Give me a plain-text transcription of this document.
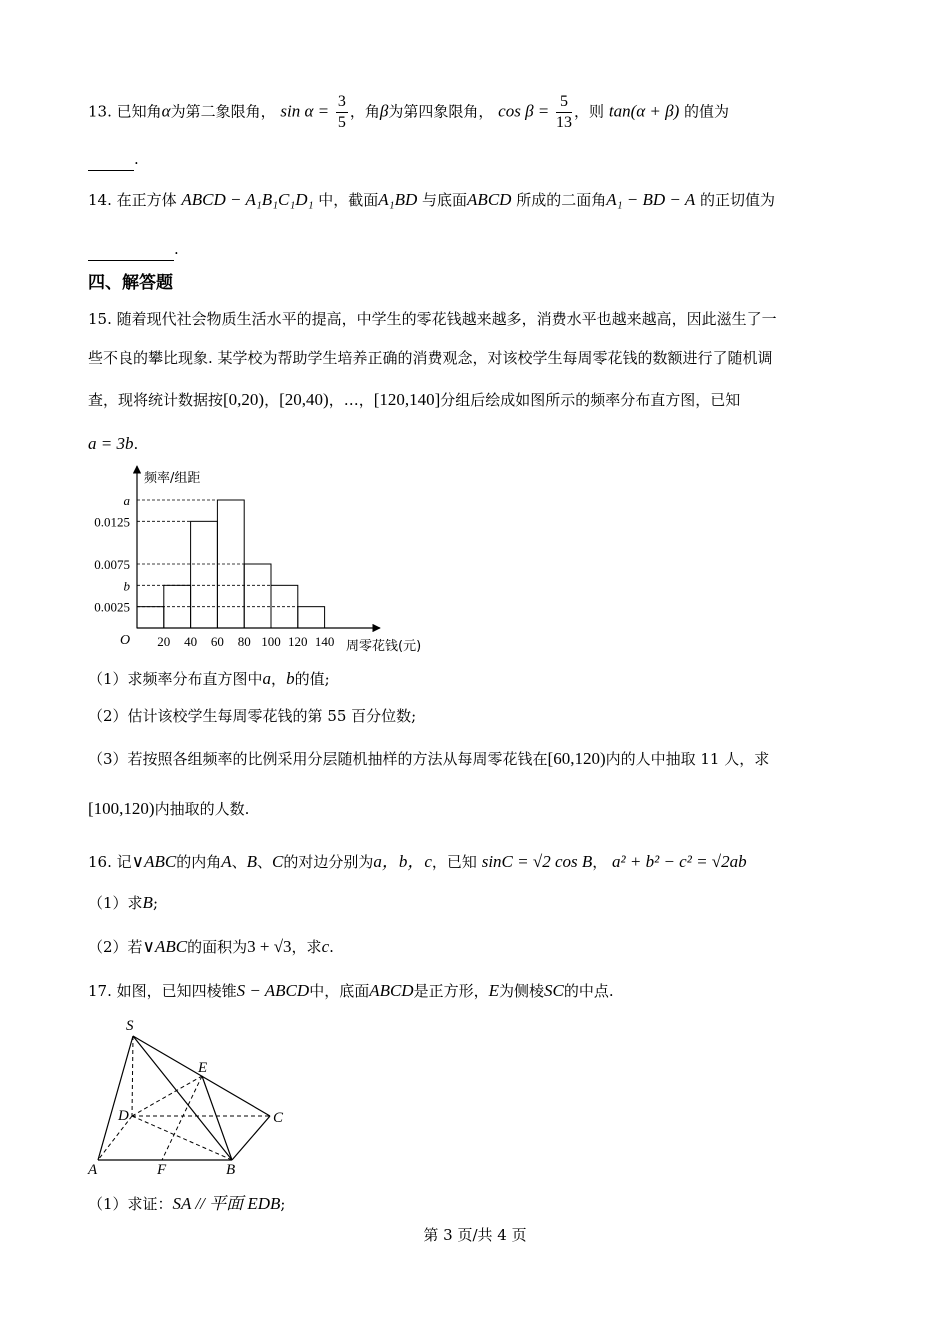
13. 已知角α为第二象限角， $\sin \alpha = \frac{3}{5}$ ，角β为第四象限角， $\cos \beta = \frac{5}{13}$ ，则 tan(α + β) 的值为
.
14. 在正方体 ABCD − A₁B₁C₁D₁ 中，截面A₁BD 与底面ABCD 所成的二面角A₁ − BD − A 的正切值为
.
四、解答题
15. 随着现代社会物质生活水平的提高，中学生的零花钱越来越多，消费水平也越来越高，因此滋生了一
些不良的攀比现象. 某学校为帮助学生培养正确的消费观念，对该校学生每周零花钱的数额进行了随机调
查，现将统计数据按[0,20)，[20,40)，…，[120,140]分组后绘成如图所示的频率分布直方图，已知
a = 3b.
a
0.0125
0.0075
b
0.0025
20 40 60 80 100 120 140
频率/组距
周零花钱(元)
O
（1）求频率分布直方图中a，b的值;
（2）估计该校学生每周零花钱的第 55 百分位数;
（3）若按照各组频率的比例采用分层随机抽样的方法从每周零花钱在[60,120)内的人中抽取 11 人，求
[100,120)内抽取的人数.
16. 记∨ABC的内角A、B、C的对边分别为a，b，c，已知 sinC = √2 cos B， a² + b² − c² = √2ab
（1）求B;
（2）若∨ABC的面积为3 + √3，求c.
17. 如图，已知四棱锥S − ABCD中，底面ABCD是正方形，E为侧棱SC的中点.
S
E
D	C
A	F	B
（1）求证：SA // 平面 EDB;
第 3 页/共 4 页
